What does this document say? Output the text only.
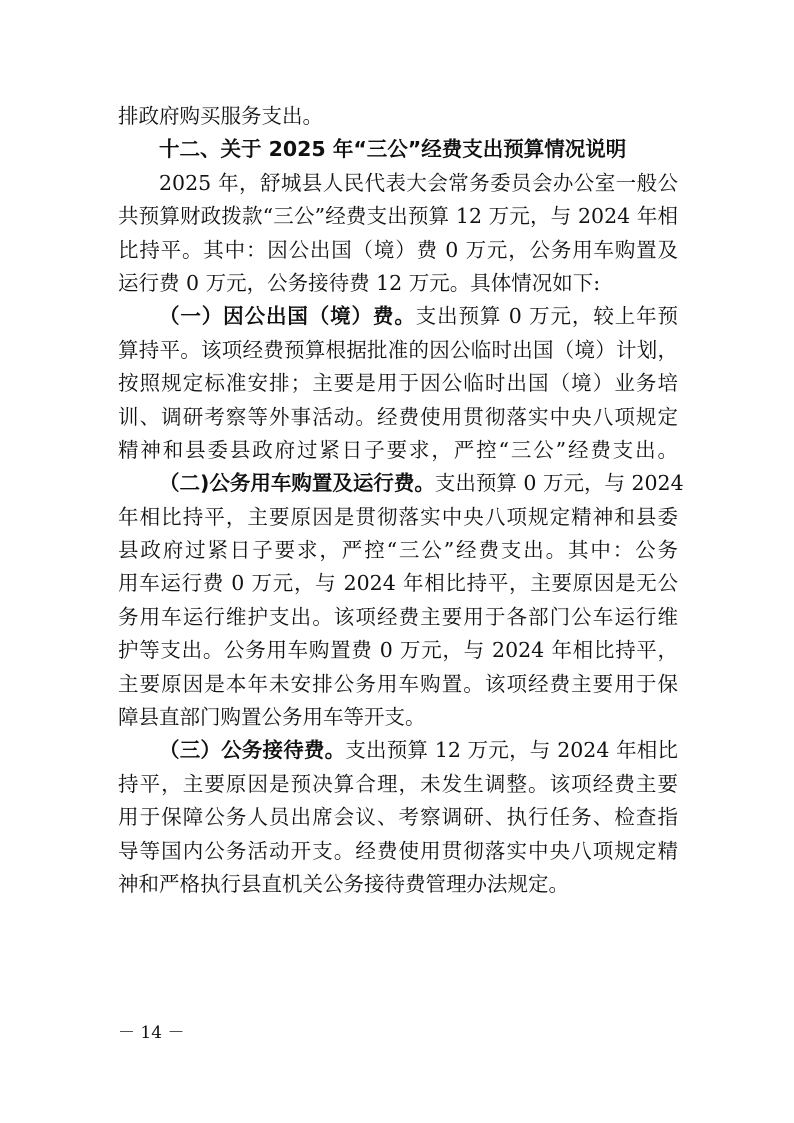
排政府购买服务支出。

十二、关于 2025 年“三公”经费支出预算情况说明

2025 年，舒城县人民代表大会常务委员会办公室一般公

共预算财政拨款“三公”经费支出预算 12 万元，与 2024 年相

比持平。其中：因公出国（境）费 0 万元，公务用车购置及

运行费 0 万元，公务接待费 12 万元。具体情况如下:

（一）因公出国（境）费。支出预算 0 万元，较上年预

算持平。该项经费预算根据批准的因公临时出国（境）计划，

按照规定标准安排；主要是用于因公临时出国（境）业务培

训、调研考察等外事活动。经费使用贯彻落实中央八项规定

精神和县委县政府过紧日子要求，严控“三公”经费支出。

（二)公务用车购置及运行费。支出预算 0 万元，与 2024

年相比持平，主要原因是贯彻落实中央八项规定精神和县委

县政府过紧日子要求，严控“三公”经费支出。其中：公务

用车运行费 0 万元，与 2024 年相比持平，主要原因是无公

务用车运行维护支出。该项经费主要用于各部门公车运行维

护等支出。公务用车购置费 0 万元，与 2024 年相比持平，

主要原因是本年未安排公务用车购置。该项经费主要用于保

障县直部门购置公务用车等开支。

（三）公务接待费。支出预算 12 万元，与 2024 年相比

持平，主要原因是预决算合理，未发生调整。该项经费主要

用于保障公务人员出席会议、考察调研、执行任务、检查指

导等国内公务活动开支。经费使用贯彻落实中央八项规定精

神和严格执行县直机关公务接待费管理办法规定。

－ 14 －
